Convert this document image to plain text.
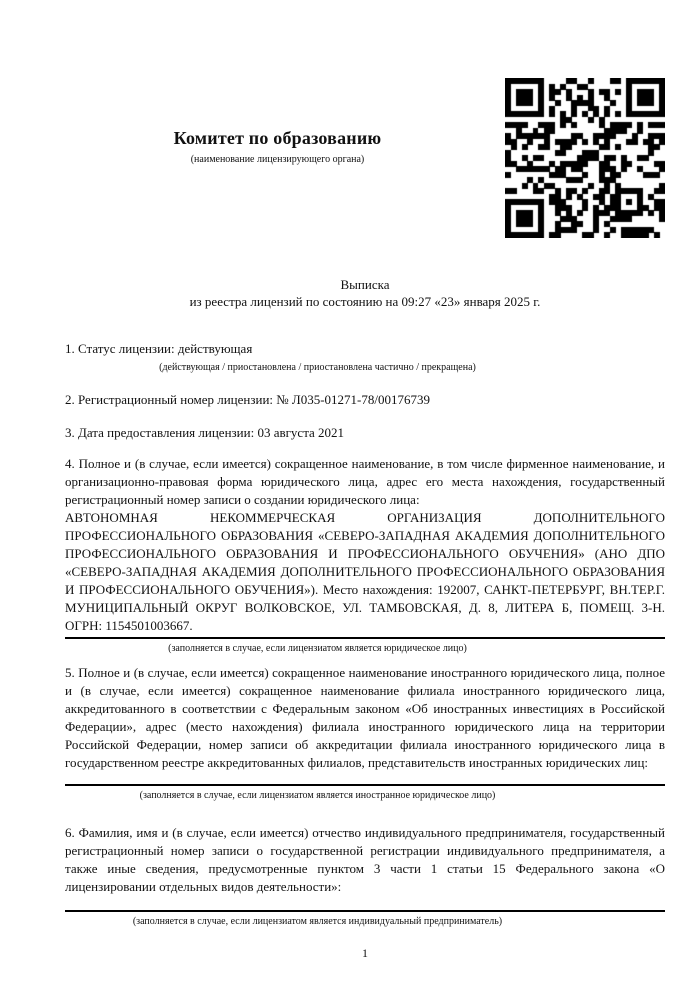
Комитет по образованию
(наименование лицензирующего органа)
Выписка
из реестра лицензий по состоянию на 09:27 «23» января 2025 г.

1. Статус лицензии: действующая

(действующая / приостановлена / приостановлена частично / прекращена)

2. Регистрационный номер лицензии: № Л035-01271-78/00176739

3. Дата предоставления лицензии: 03 августа 2021

4. Полное и (в случае, если имеется) сокращенное наименование, в том числе фирменное наименование, и организационно-правовая форма юридического лица, адрес его места нахождения, государственный регистрационный номер записи о создании юридического лица:

АВТОНОМНАЯ НЕКОММЕРЧЕСКАЯ ОРГАНИЗАЦИЯ ДОПОЛНИТЕЛЬНОГО ПРОФЕССИОНАЛЬНОГО ОБРАЗОВАНИЯ «СЕВЕРО-ЗАПАДНАЯ АКАДЕМИЯ ДОПОЛНИТЕЛЬНОГО ПРОФЕССИОНАЛЬНОГО ОБРАЗОВАНИЯ И ПРОФЕССИОНАЛЬНОГО ОБУЧЕНИЯ» (АНО ДПО «СЕВЕРО-ЗАПАДНАЯ АКАДЕМИЯ ДОПОЛНИТЕЛЬНОГО ПРОФЕССИОНАЛЬНОГО ОБРАЗОВАНИЯ И ПРОФЕССИОНАЛЬНОГО ОБУЧЕНИЯ»). Место нахождения: 192007, САНКТ-ПЕТЕРБУРГ, ВН.ТЕР.Г. МУНИЦИПАЛЬНЫЙ ОКРУГ ВОЛКОВСКОЕ, УЛ. ТАМБОВСКАЯ, Д. 8, ЛИТЕРА Б, ПОМЕЩ. 3-Н. ОГРН: 1154501003667.

(заполняется в случае, если лицензиатом является юридическое лицо)

5. Полное и (в случае, если имеется) сокращенное наименование иностранного юридического лица, полное и (в случае, если имеется) сокращенное наименование филиала иностранного юридического лица, аккредитованного в соответствии с Федеральным законом «Об иностранных инвестициях в Российской Федерации», адрес (место нахождения) филиала иностранного юридического лица на территории Российской Федерации, номер записи об аккредитации филиала иностранного юридического лица в государственном реестре аккредитованных филиалов, представительств иностранных юридических лиц:

(заполняется в случае, если лицензиатом является иностранное юридическое лицо)

6. Фамилия, имя и (в случае, если имеется) отчество индивидуального предпринимателя, государственный регистрационный номер записи о государственной регистрации индивидуального предпринимателя, а также иные сведения, предусмотренные пунктом 3 части 1 статьи 15 Федерального закона «О лицензировании отдельных видов деятельности»:

(заполняется в случае, если лицензиатом является индивидуальный предприниматель)
1
